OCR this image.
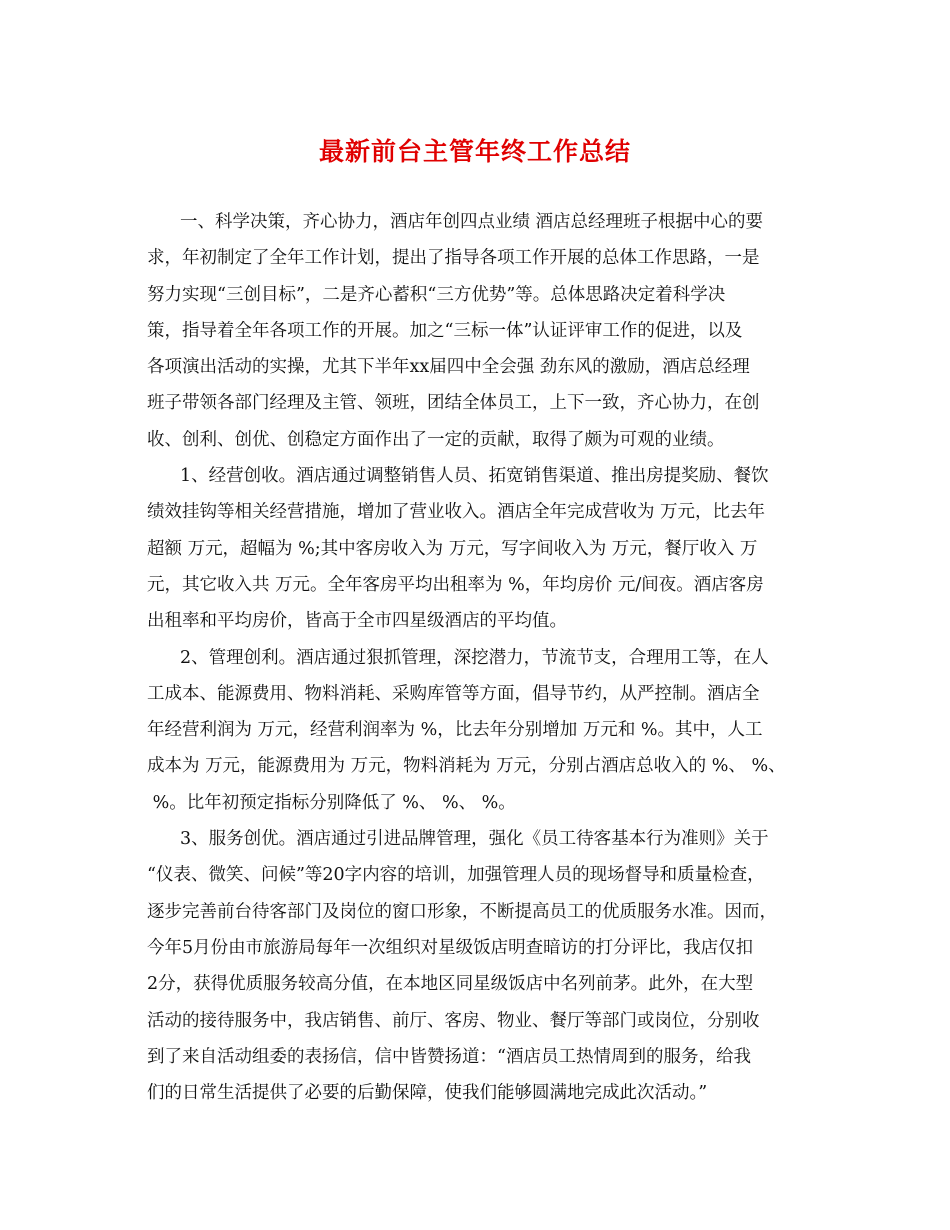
最新前台主管年终工作总结
一、科学决策，齐心协力，酒店年创四点业绩 酒店总经理班子根据中心的要
求，年初制定了全年工作计划，提出了指导各项工作开展的总体工作思路，一是
努力实现“三创目标”，二是齐心蓄积“三方优势”等。总体思路决定着科学决
策，指导着全年各项工作的开展。加之“三标一体”认证评审工作的促进，以及
各项演出活动的实操，尤其下半年xx届四中全会强 劲东风的激励，酒店总经理
班子带领各部门经理及主管、领班，团结全体员工，上下一致，齐心协力，在创
收、创利、创优、创稳定方面作出了一定的贡献，取得了颇为可观的业绩。
1、经营创收。酒店通过调整销售人员、拓宽销售渠道、推出房提奖励、餐饮
绩效挂钩等相关经营措施，增加了营业收入。酒店全年完成营收为 万元，比去年
超额 万元，超幅为 %;其中客房收入为 万元，写字间收入为 万元，餐厅收入 万
元，其它收入共 万元。全年客房平均出租率为 %，年均房价 元/间夜。酒店客房
出租率和平均房价，皆高于全市四星级酒店的平均值。
2、管理创利。酒店通过狠抓管理，深挖潜力，节流节支，合理用工等，在人
工成本、能源费用、物料消耗、采购库管等方面，倡导节约，从严控制。酒店全
年经营利润为 万元，经营利润率为 %，比去年分别增加 万元和 %。其中，人工
成本为 万元，能源费用为 万元，物料消耗为 万元，分别占酒店总收入的 %、 %、
%。比年初预定指标分别降低了 %、 %、 %。
3、服务创优。酒店通过引进品牌管理，强化《员工待客基本行为准则》关于
“仪表、微笑、问候”等20字内容的培训，加强管理人员的现场督导和质量检查，
逐步完善前台待客部门及岗位的窗口形象，不断提高员工的优质服务水准。因而，
今年5月份由市旅游局每年一次组织对星级饭店明查暗访的打分评比，我店仅扣
2分，获得优质服务较高分值，在本地区同星级饭店中名列前茅。此外，在大型
活动的接待服务中，我店销售、前厅、客房、物业、餐厅等部门或岗位，分别收
到了来自活动组委的表扬信，信中皆赞扬道：“酒店员工热情周到的服务，给我
们的日常生活提供了必要的后勤保障，使我们能够圆满地完成此次活动。”
